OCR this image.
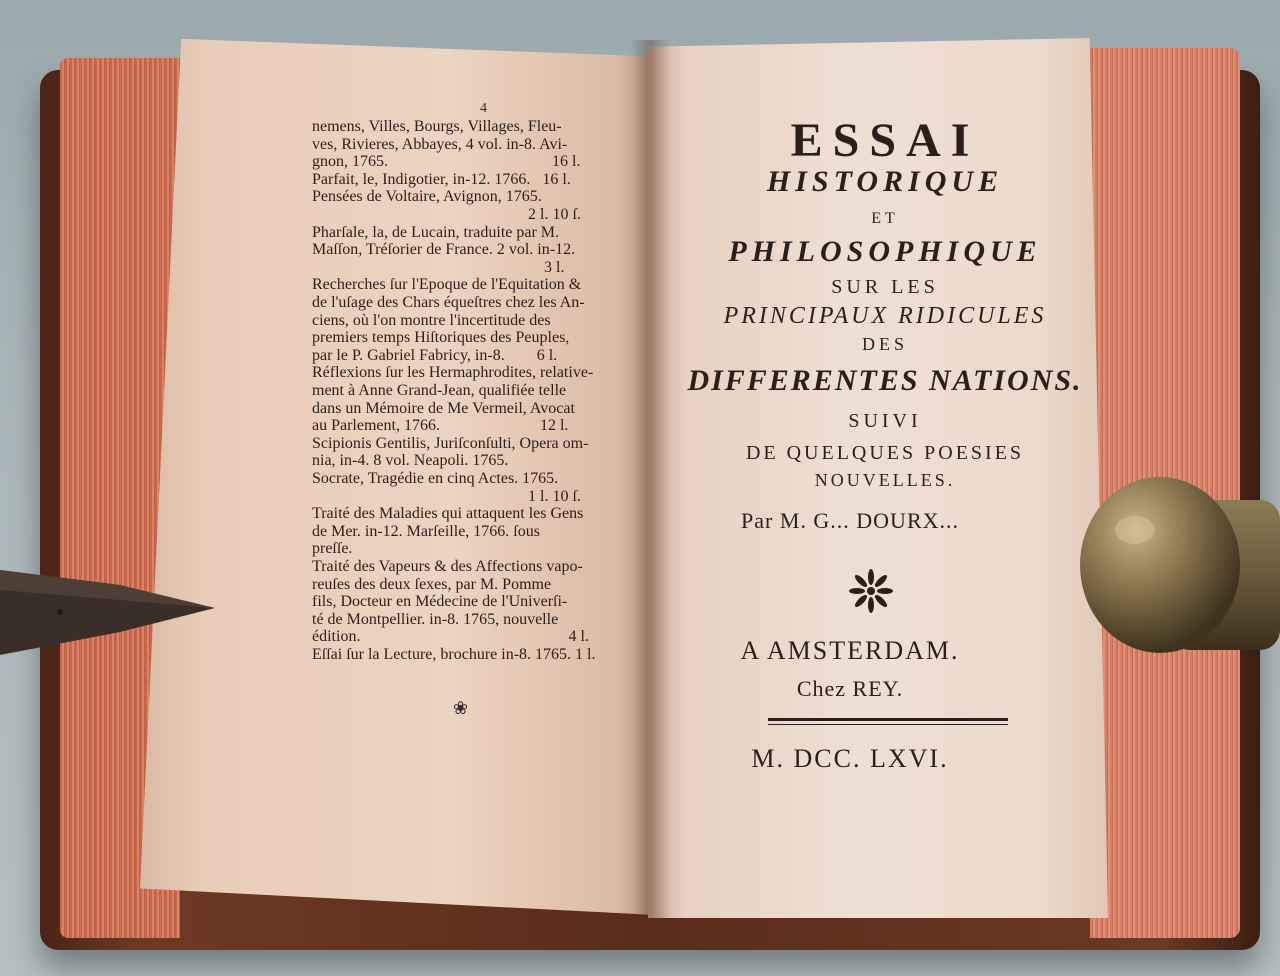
4
nemens, Villes, Bourgs, Villages, Fleu-
ves, Rivieres, Abbayes, 4 vol. in-8. Avi-
gnon, 1765.                                         16 l.
Parfait, le, Indigotier, in-12. 1766.   16 l.
Pensées de Voltaire, Avignon, 1765.
2 l. 10 ſ.
Pharſale, la, de Lucain, traduite par M.
Maſſon, Tréſorier de France. 2 vol. in-12.
3 l.
Recherches ſur l'Epoque de l'Equitation &
de l'uſage des Chars équeſtres chez les An-
ciens, où l'on montre l'incertitude des
premiers temps Hiſtoriques des Peuples,
par le P. Gabriel Fabricy, in-8.        6 l.
Réflexions ſur les Hermaphrodites, relative-
ment à Anne Grand-Jean, qualifiée telle
dans un Mémoire de Me Vermeil, Avocat
au Parlement, 1766.                         12 l.
Scipionis Gentilis, Juriſconſulti, Opera om-
nia, in-4. 8 vol. Neapoli. 1765.
Socrate, Tragédie en cinq Actes. 1765.
1 l. 10 ſ.
Traité des Maladies qui attaquent les Gens
de Mer. in-12. Marſeille, 1766. ſous
preſſe.
Traité des Vapeurs & des Affections vapo-
reuſes des deux ſexes, par M. Pomme
fils, Docteur en Médecine de l'Univerſi-
té de Montpellier. in-8. 1765, nouvelle
édition.                                                    4 l.
Eſſai ſur la Lecture, brochure in-8. 1765. 1 l.
❀
ESSAI
HISTORIQUE
ET
PHILOSOPHIQUE
SUR LES
PRINCIPAUX RIDICULES
DES
DIFFERENTES NATIONS.
SUIVI
DE QUELQUES POESIES
NOUVELLES.
Par M. G... DOURX...
A AMSTERDAM.
Chez REY.
M. DCC. LXVI.
